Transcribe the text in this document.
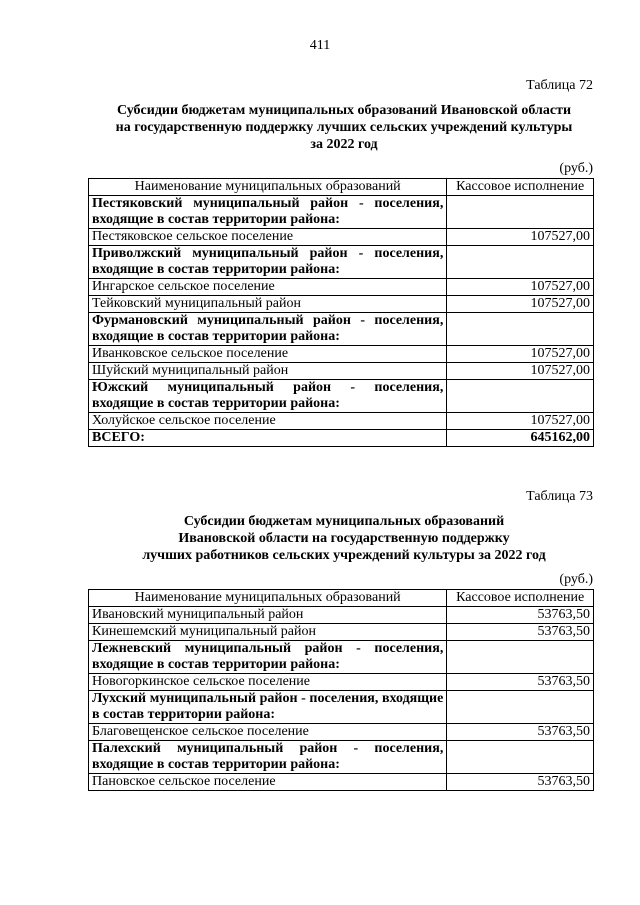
411
Таблица 72
Субсидии бюджетам муниципальных образований Ивановской области
на государственную поддержку лучших сельских учреждений культуры
за 2022 год
(руб.)
Наименование муниципальных образований	Кассовое исполнение
Пестяковский муниципальный район - поселения, входящие в состав территории района:	
Пестяковское сельское поселение	107527,00
Приволжский муниципальный район - поселения, входящие в состав территории района:	
Ингарское сельское поселение	107527,00
Тейковский муниципальный район	107527,00
Фурмановский муниципальный район - поселения, входящие в состав территории района:	
Иванковское сельское поселение	107527,00
Шуйский муниципальный район	107527,00
Южский муниципальный район - поселения, входящие в состав территории района:	
Холуйское сельское поселение	107527,00
ВСЕГО:	645162,00
Таблица 73
Субсидии бюджетам муниципальных образований
Ивановской области на государственную поддержку
лучших работников сельских учреждений культуры за 2022 год
(руб.)
Наименование муниципальных образований	Кассовое исполнение
Ивановский муниципальный район	53763,50
Кинешемский муниципальный район	53763,50
Лежневский муниципальный район - поселения, входящие в состав территории района:	
Новогоркинское сельское поселение	53763,50
Лухский муниципальный район - поселения, входящие в состав территории района:	
Благовещенское сельское поселение	53763,50
Палехский муниципальный район - поселения, входящие в состав территории района:	
Пановское сельское поселение	53763,50
